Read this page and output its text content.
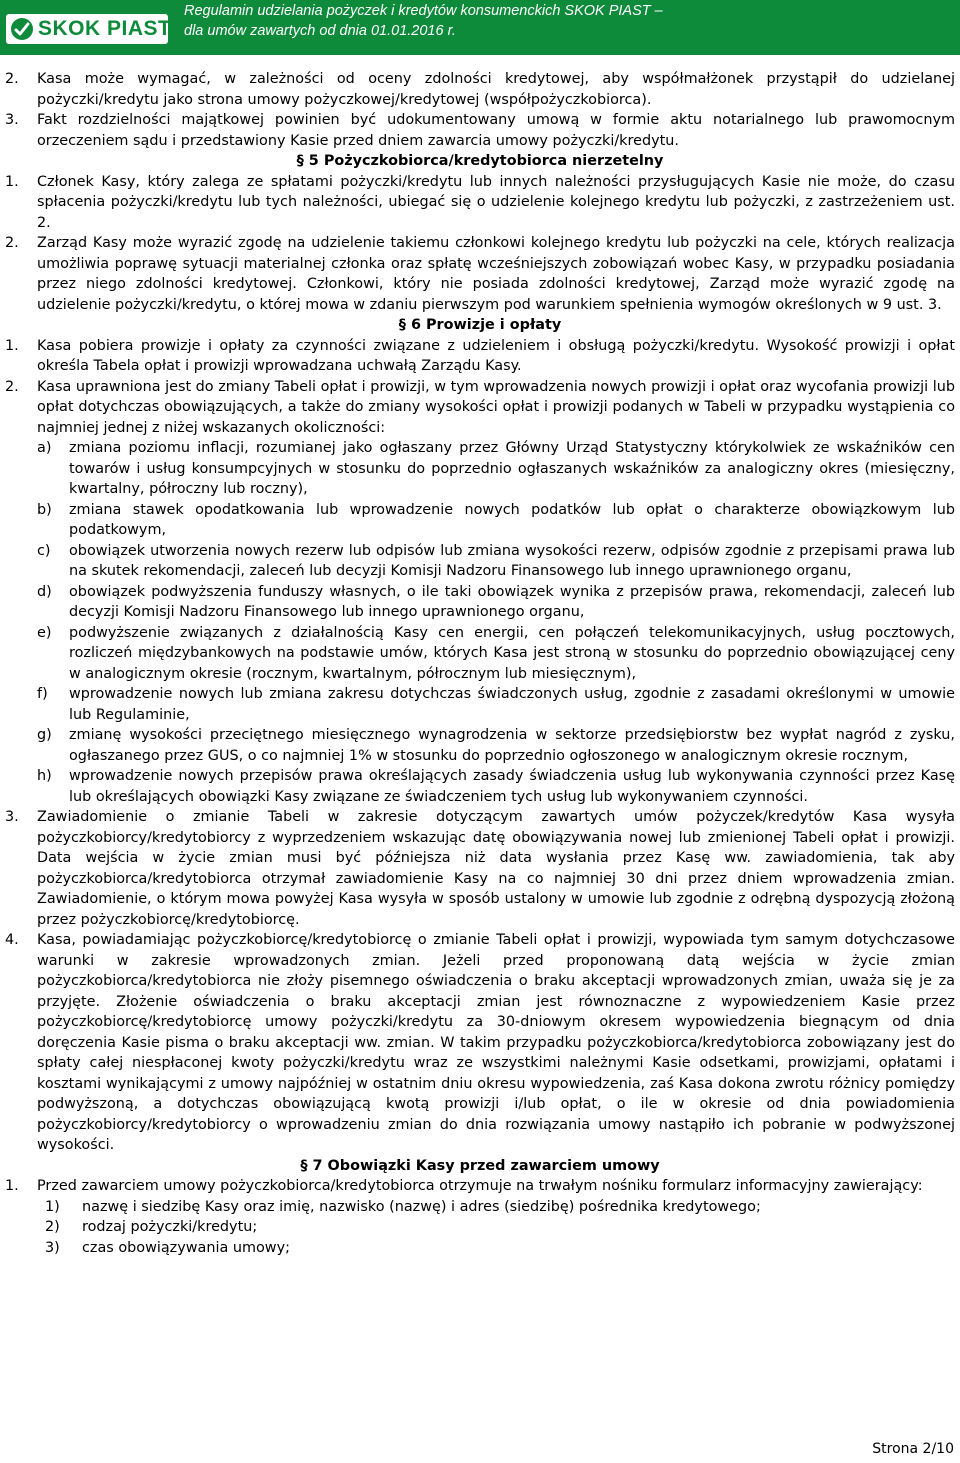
SKOK PIAST
Regulamin udzielania pożyczek i kredytów konsumenckich SKOK PIAST –
dla umów zawartych od dnia 01.01.2016 r.
2.	Kasa może wymagać, w zależności od oceny zdolności kredytowej, aby współmałżonek przystąpił do udzielanej pożyczki/kredytu jako strona umowy pożyczkowej/kredytowej (współpożyczkobiorca).
3.	Fakt rozdzielności majątkowej powinien być udokumentowany umową w formie aktu notarialnego lub prawomocnym orzeczeniem sądu i przedstawiony Kasie przed dniem zawarcia umowy pożyczki/kredytu.
§ 5 Pożyczkobiorca/kredytobiorca nierzetelny
1.	Członek Kasy, który zalega ze spłatami pożyczki/kredytu lub innych należności przysługujących Kasie nie może, do czasu spłacenia pożyczki/kredytu lub tych należności, ubiegać się o udzielenie kolejnego kredytu lub pożyczki, z zastrzeżeniem ust. 2.
2.	Zarząd Kasy może wyrazić zgodę na udzielenie takiemu członkowi kolejnego kredytu lub pożyczki na cele, których realizacja umożliwia poprawę sytuacji materialnej członka oraz spłatę wcześniejszych zobowiązań wobec Kasy, w przypadku posiadania przez niego zdolności kredytowej. Członkowi, który nie posiada zdolności kredytowej, Zarząd może wyrazić zgodę na udzielenie pożyczki/kredytu, o której mowa w zdaniu pierwszym pod warunkiem spełnienia wymogów określonych w 9 ust. 3.
§ 6 Prowizje i opłaty
1.	Kasa pobiera prowizje i opłaty za czynności związane z udzieleniem i obsługą pożyczki/kredytu. Wysokość prowizji i opłat określa Tabela opłat i prowizji wprowadzana uchwałą Zarządu Kasy.
2.	Kasa uprawniona jest do zmiany Tabeli opłat i prowizji, w tym wprowadzenia nowych prowizji i opłat oraz wycofania prowizji lub opłat dotychczas obowiązujących, a także do zmiany wysokości opłat i prowizji podanych w Tabeli w przypadku wystąpienia co najmniej jednej z niżej wskazanych okoliczności:
a)	zmiana poziomu inflacji, rozumianej jako ogłaszany przez Główny Urząd Statystyczny którykolwiek ze wskaźników cen towarów i usług konsumpcyjnych w stosunku do poprzednio ogłaszanych wskaźników za analogiczny okres (miesięczny, kwartalny, półroczny lub roczny),
b)	zmiana stawek opodatkowania lub wprowadzenie nowych podatków lub opłat o charakterze obowiązkowym lub podatkowym,
c)	obowiązek utworzenia nowych rezerw lub odpisów lub zmiana wysokości rezerw, odpisów zgodnie z przepisami prawa lub na skutek rekomendacji, zaleceń lub decyzji Komisji Nadzoru Finansowego lub innego uprawnionego organu,
d)	obowiązek podwyższenia funduszy własnych, o ile taki obowiązek wynika z przepisów prawa, rekomendacji, zaleceń lub decyzji Komisji Nadzoru Finansowego lub innego uprawnionego organu,
e)	podwyższenie związanych z działalnością Kasy cen energii, cen połączeń telekomunikacyjnych, usług pocztowych, rozliczeń międzybankowych na podstawie umów, których Kasa jest stroną w stosunku do poprzednio obowiązującej ceny w analogicznym okresie (rocznym, kwartalnym, półrocznym lub miesięcznym),
f)	wprowadzenie nowych lub zmiana zakresu dotychczas świadczonych usług, zgodnie z zasadami określonymi w umowie lub Regulaminie,
g)	zmianę wysokości przeciętnego miesięcznego wynagrodzenia w sektorze przedsiębiorstw bez wypłat nagród z zysku, ogłaszanego przez GUS, o co najmniej 1% w stosunku do poprzednio ogłoszonego w analogicznym okresie rocznym,
h)	wprowadzenie nowych przepisów prawa określających zasady świadczenia usług lub wykonywania czynności przez Kasę lub określających obowiązki Kasy związane ze świadczeniem tych usług lub wykonywaniem czynności.
3.	Zawiadomienie o zmianie Tabeli w zakresie dotyczącym zawartych umów pożyczek/kredytów Kasa wysyła pożyczkobiorcy/kredytobiorcy z wyprzedzeniem wskazując datę obowiązywania nowej lub zmienionej Tabeli opłat i prowizji. Data wejścia w życie zmian musi być późniejsza niż data wysłania przez Kasę ww. zawiadomienia, tak aby pożyczkobiorca/kredytobiorca otrzymał zawiadomienie Kasy na co najmniej 30 dni przez dniem wprowadzenia zmian. Zawiadomienie, o którym mowa powyżej Kasa wysyła w sposób ustalony w umowie lub zgodnie z odrębną dyspozycją złożoną przez pożyczkobiorcę/kredytobiorcę.
4.	Kasa, powiadamiając pożyczkobiorcę/kredytobiorcę o zmianie Tabeli opłat i prowizji, wypowiada tym samym dotychczasowe warunki w zakresie wprowadzonych zmian. Jeżeli przed proponowaną datą wejścia w życie zmian pożyczkobiorca/kredytobiorca nie złoży pisemnego oświadczenia o braku akceptacji wprowadzonych zmian, uważa się je za przyjęte. Złożenie oświadczenia o braku akceptacji zmian jest równoznaczne z wypowiedzeniem Kasie przez pożyczkobiorcę/kredytobiorcę umowy pożyczki/kredytu za 30-dniowym okresem wypowiedzenia biegnącym od dnia doręczenia Kasie pisma o braku akceptacji ww. zmian. W takim przypadku pożyczkobiorca/kredytobiorca zobowiązany jest do spłaty całej niespłaconej kwoty pożyczki/kredytu wraz ze wszystkimi należnymi Kasie odsetkami, prowizjami, opłatami i kosztami wynikającymi z umowy najpóźniej w ostatnim dniu okresu wypowiedzenia, zaś Kasa dokona zwrotu różnicy pomiędzy podwyższoną, a dotychczas obowiązującą kwotą prowizji i/lub opłat, o ile w okresie od dnia powiadomienia pożyczkobiorcy/kredytobiorcy o wprowadzeniu zmian do dnia rozwiązania umowy nastąpiło ich pobranie w podwyższonej wysokości.
§ 7 Obowiązki Kasy przed zawarciem umowy
1.	Przed zawarciem umowy pożyczkobiorca/kredytobiorca otrzymuje na trwałym nośniku formularz informacyjny zawierający:
1)	nazwę i siedzibę Kasy oraz imię, nazwisko (nazwę) i adres (siedzibę) pośrednika kredytowego;
2)	rodzaj pożyczki/kredytu;
3)	czas obowiązywania umowy;
Strona 2/10
